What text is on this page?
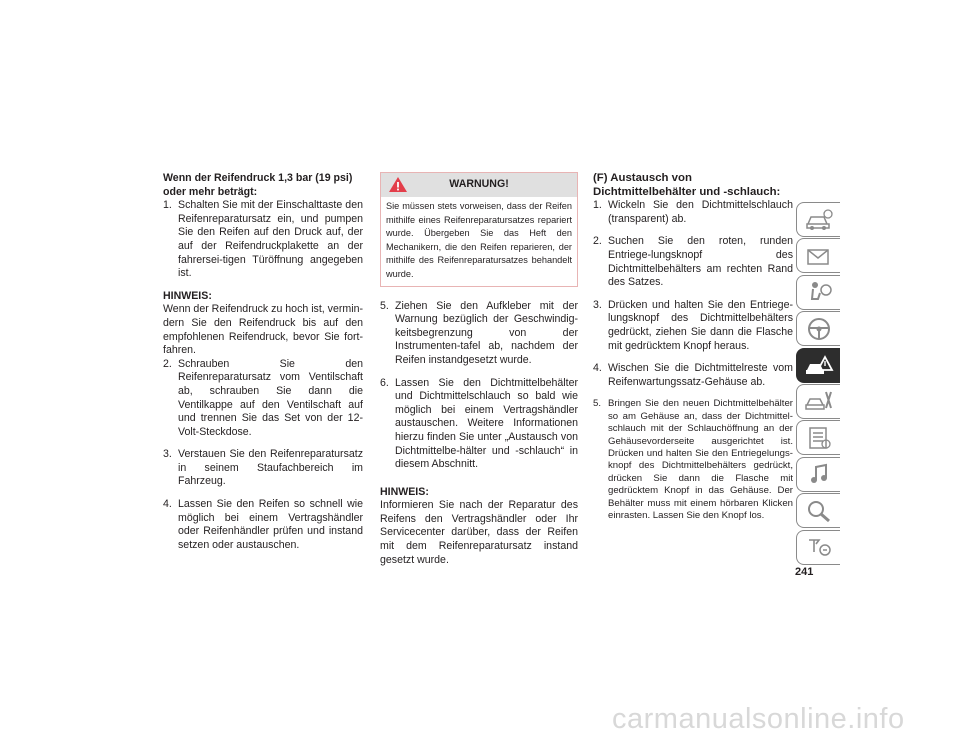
Wenn der Reifendruck 1,3 bar (19 psi) oder mehr beträgt:

1. Schalten Sie mit der Einschalttaste den Reifenreparatursatz ein, und pumpen Sie den Reifen auf den Druck auf, der auf der Reifendruckplakette an der fahrersei-tigen Türöffnung angegeben ist.

HINWEIS:

Wenn der Reifendruck zu hoch ist, vermin-dern Sie den Reifendruck bis auf den empfohlenen Reifendruck, bevor Sie fort-fahren.

2. Schrauben Sie den Reifenreparatursatz vom Ventilschaft ab, schrauben Sie dann die Ventilkappe auf den Ventilschaft auf und trennen Sie das Set von der 12-Volt-Steckdose.
3. Verstauen Sie den Reifenreparatursatz in seinem Staufachbereich im Fahrzeug.
4. Lassen Sie den Reifen so schnell wie möglich bei einem Vertragshändler oder Reifenhändler prüfen und instand setzen oder austauschen.
WARNUNG!
Sie müssen stets vorweisen, dass der Reifen mithilfe eines Reifenreparatursatzes repariert wurde. Übergeben Sie das Heft den Mechanikern, die den Reifen reparieren, der mithilfe des Reifenreparatursatzes behandelt wurde.
5. Ziehen Sie den Aufkleber mit der Warnung bezüglich der Geschwindig-keitsbegrenzung von der Instrumenten-tafel ab, nachdem der Reifen instandgesetzt wurde.
6. Lassen Sie den Dichtmittelbehälter und Dichtmittelschlauch so bald wie möglich bei einem Vertragshändler austauschen. Weitere Informationen hierzu finden Sie unter „Austausch von Dichtmittelbe-hälter und -schlauch“ in diesem Abschnitt.

HINWEIS:

Informieren Sie nach der Reparatur des Reifens den Vertragshändler oder Ihr Servicecenter darüber, dass der Reifen mit dem Reifenreparatursatz instand gesetzt wurde.

(F) Austausch von Dichtmittelbehälter und -schlauch:

1. Wickeln Sie den Dichtmittelschlauch (transparent) ab.
2. Suchen Sie den roten, runden Entriege-lungsknopf des Dichtmittelbehälters am rechten Rand des Satzes.
3. Drücken und halten Sie den Entriege-lungsknopf des Dichtmittelbehälters gedrückt, ziehen Sie dann die Flasche mit gedrücktem Knopf heraus.
4. Wischen Sie die Dichtmittelreste vom Reifenwartungssatz-Gehäuse ab.
5. Bringen Sie den neuen Dichtmittelbehälter so am Gehäuse an, dass der Dichtmittel-schlauch mit der Schlauchöffnung an der Gehäusevorderseite ausgerichtet ist. Drücken und halten Sie den Entriegelungs-knopf des Dichtmittelbehälters gedrückt, drücken Sie dann die Flasche mit gedrücktem Knopf in das Gehäuse. Der Behälter muss mit einem hörbaren Klicken einrasten. Lassen Sie den Knopf los.
241
carmanualsonline.info
